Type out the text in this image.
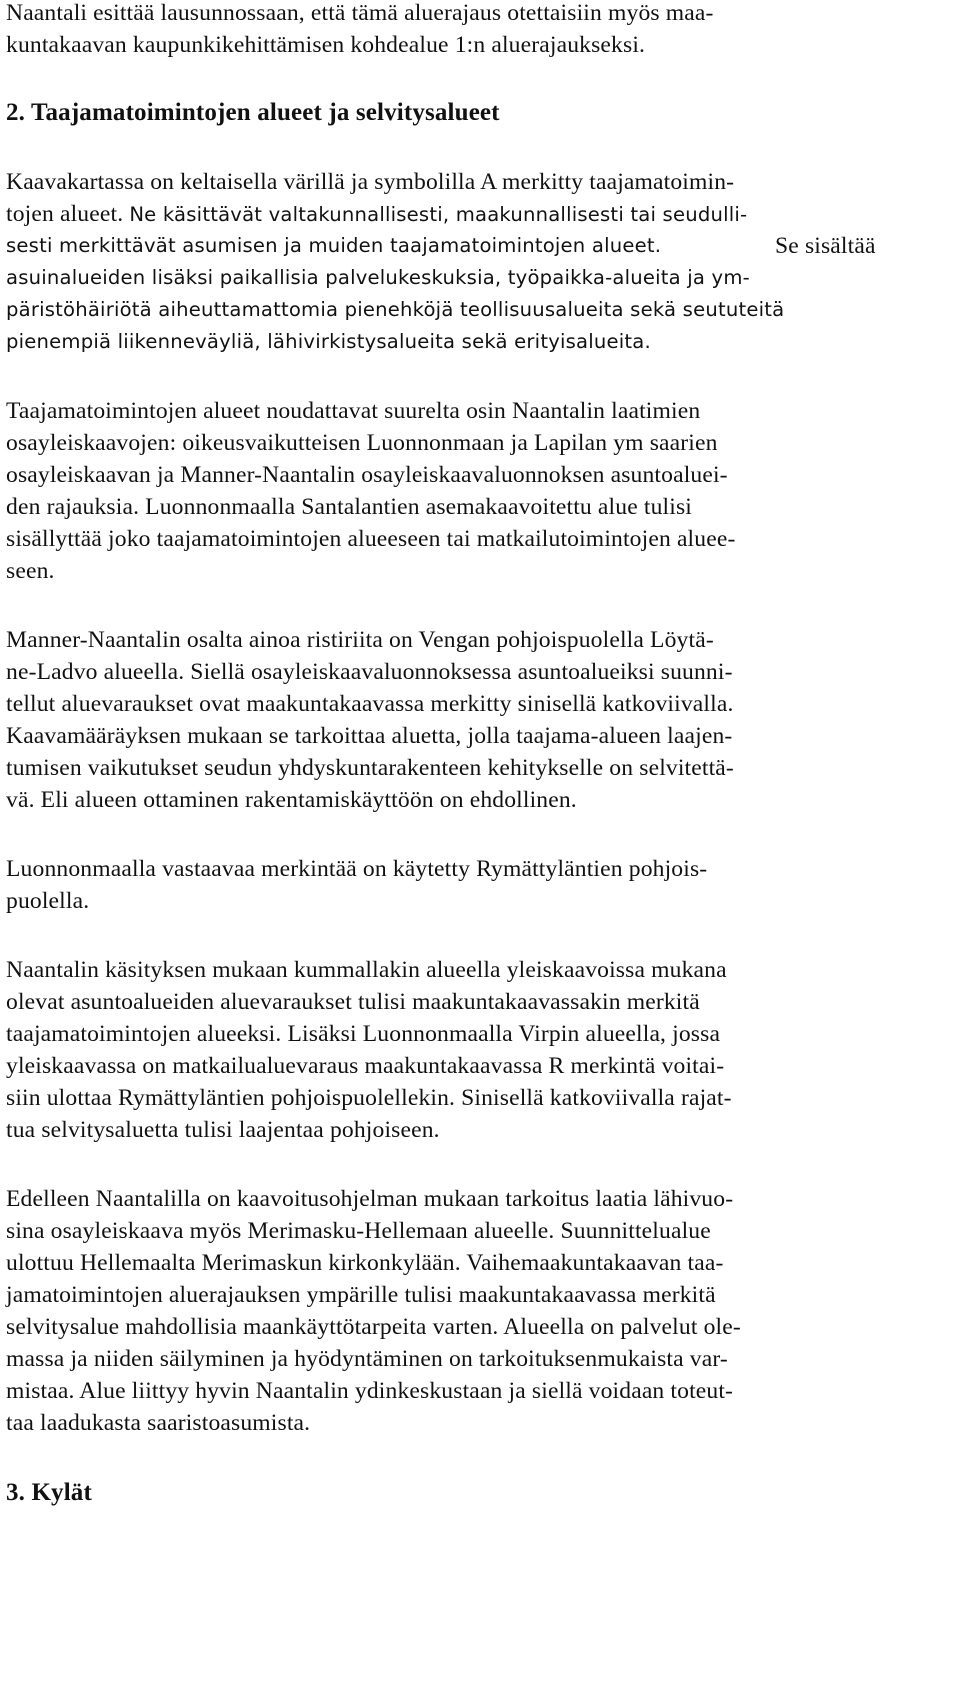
Naantali esittää lausunnossaan, että tämä aluerajaus otettaisiin myös maa-
kuntakaavan kaupunkikehittämisen kohdealue 1:n aluerajaukseksi.
2. Taajamatoimintojen alueet ja selvitysalueet
Kaavakartassa on keltaisella värillä ja symbolilla A merkitty taajamatoimin-
tojen alueet. Ne käsittävät valtakunnallisesti, maakunnallisesti tai seudulli-
sesti merkittävät asumisen ja muiden taajamatoimintojen alueet.	Se sisältää
asuinalueiden lisäksi paikallisia palvelukeskuksia, työpaikka-alueita ja ym-
päristöhäiriötä aiheuttamattomia pienehköjä teollisuusalueita sekä seututeitä
pienempiä liikenneväyliä, lähivirkistysalueita sekä erityisalueita.
Taajamatoimintojen alueet noudattavat suurelta osin Naantalin laatimien
osayleiskaavojen: oikeusvaikutteisen Luonnonmaan ja Lapilan ym saarien
osayleiskaavan ja Manner-Naantalin osayleiskaavaluonnoksen asuntoaluei-
den rajauksia. Luonnonmaalla Santalantien asemakaavoitettu alue tulisi
sisällyttää joko taajamatoimintojen alueeseen tai matkailutoimintojen aluee-
seen.
Manner-Naantalin osalta ainoa ristiriita on Vengan pohjoispuolella Löytä-
ne-Ladvo alueella. Siellä osayleiskaavaluonnoksessa asuntoalueiksi suunni-
tellut aluevaraukset ovat maakuntakaavassa merkitty sinisellä katkoviivalla.
Kaavamääräyksen mukaan se tarkoittaa aluetta, jolla taajama-alueen laajen-
tumisen vaikutukset seudun yhdyskuntarakenteen kehitykselle on selvitettä-
vä. Eli alueen ottaminen rakentamiskäyttöön on ehdollinen.
Luonnonmaalla vastaavaa merkintää on käytetty Rymättyläntien pohjois-
puolella.
Naantalin käsityksen mukaan kummallakin alueella yleiskaavoissa mukana
olevat asuntoalueiden aluevaraukset tulisi maakuntakaavassakin merkitä
taajamatoimintojen alueeksi. Lisäksi Luonnonmaalla Virpin alueella, jossa
yleiskaavassa on matkailualuevaraus maakuntakaavassa R merkintä voitai-
siin ulottaa Rymättyläntien pohjoispuolellekin. Sinisellä katkoviivalla rajat-
tua selvitysaluetta tulisi laajentaa pohjoiseen.
Edelleen Naantalilla on kaavoitusohjelman mukaan tarkoitus laatia lähivuo-
sina osayleiskaava myös Merimasku-Hellemaan alueelle. Suunnittelualue
ulottuu Hellemaalta Merimaskun kirkonkylään. Vaihemaakuntakaavan taa-
jamatoimintojen aluerajauksen ympärille tulisi maakuntakaavassa merkitä
selvitysalue mahdollisia maankäyttötarpeita varten. Alueella on palvelut ole-
massa ja niiden säilyminen ja hyödyntäminen on tarkoituksenmukaista var-
mistaa. Alue liittyy hyvin Naantalin ydinkeskustaan ja siellä voidaan toteut-
taa laadukasta saaristoasumista.
3. Kylät
